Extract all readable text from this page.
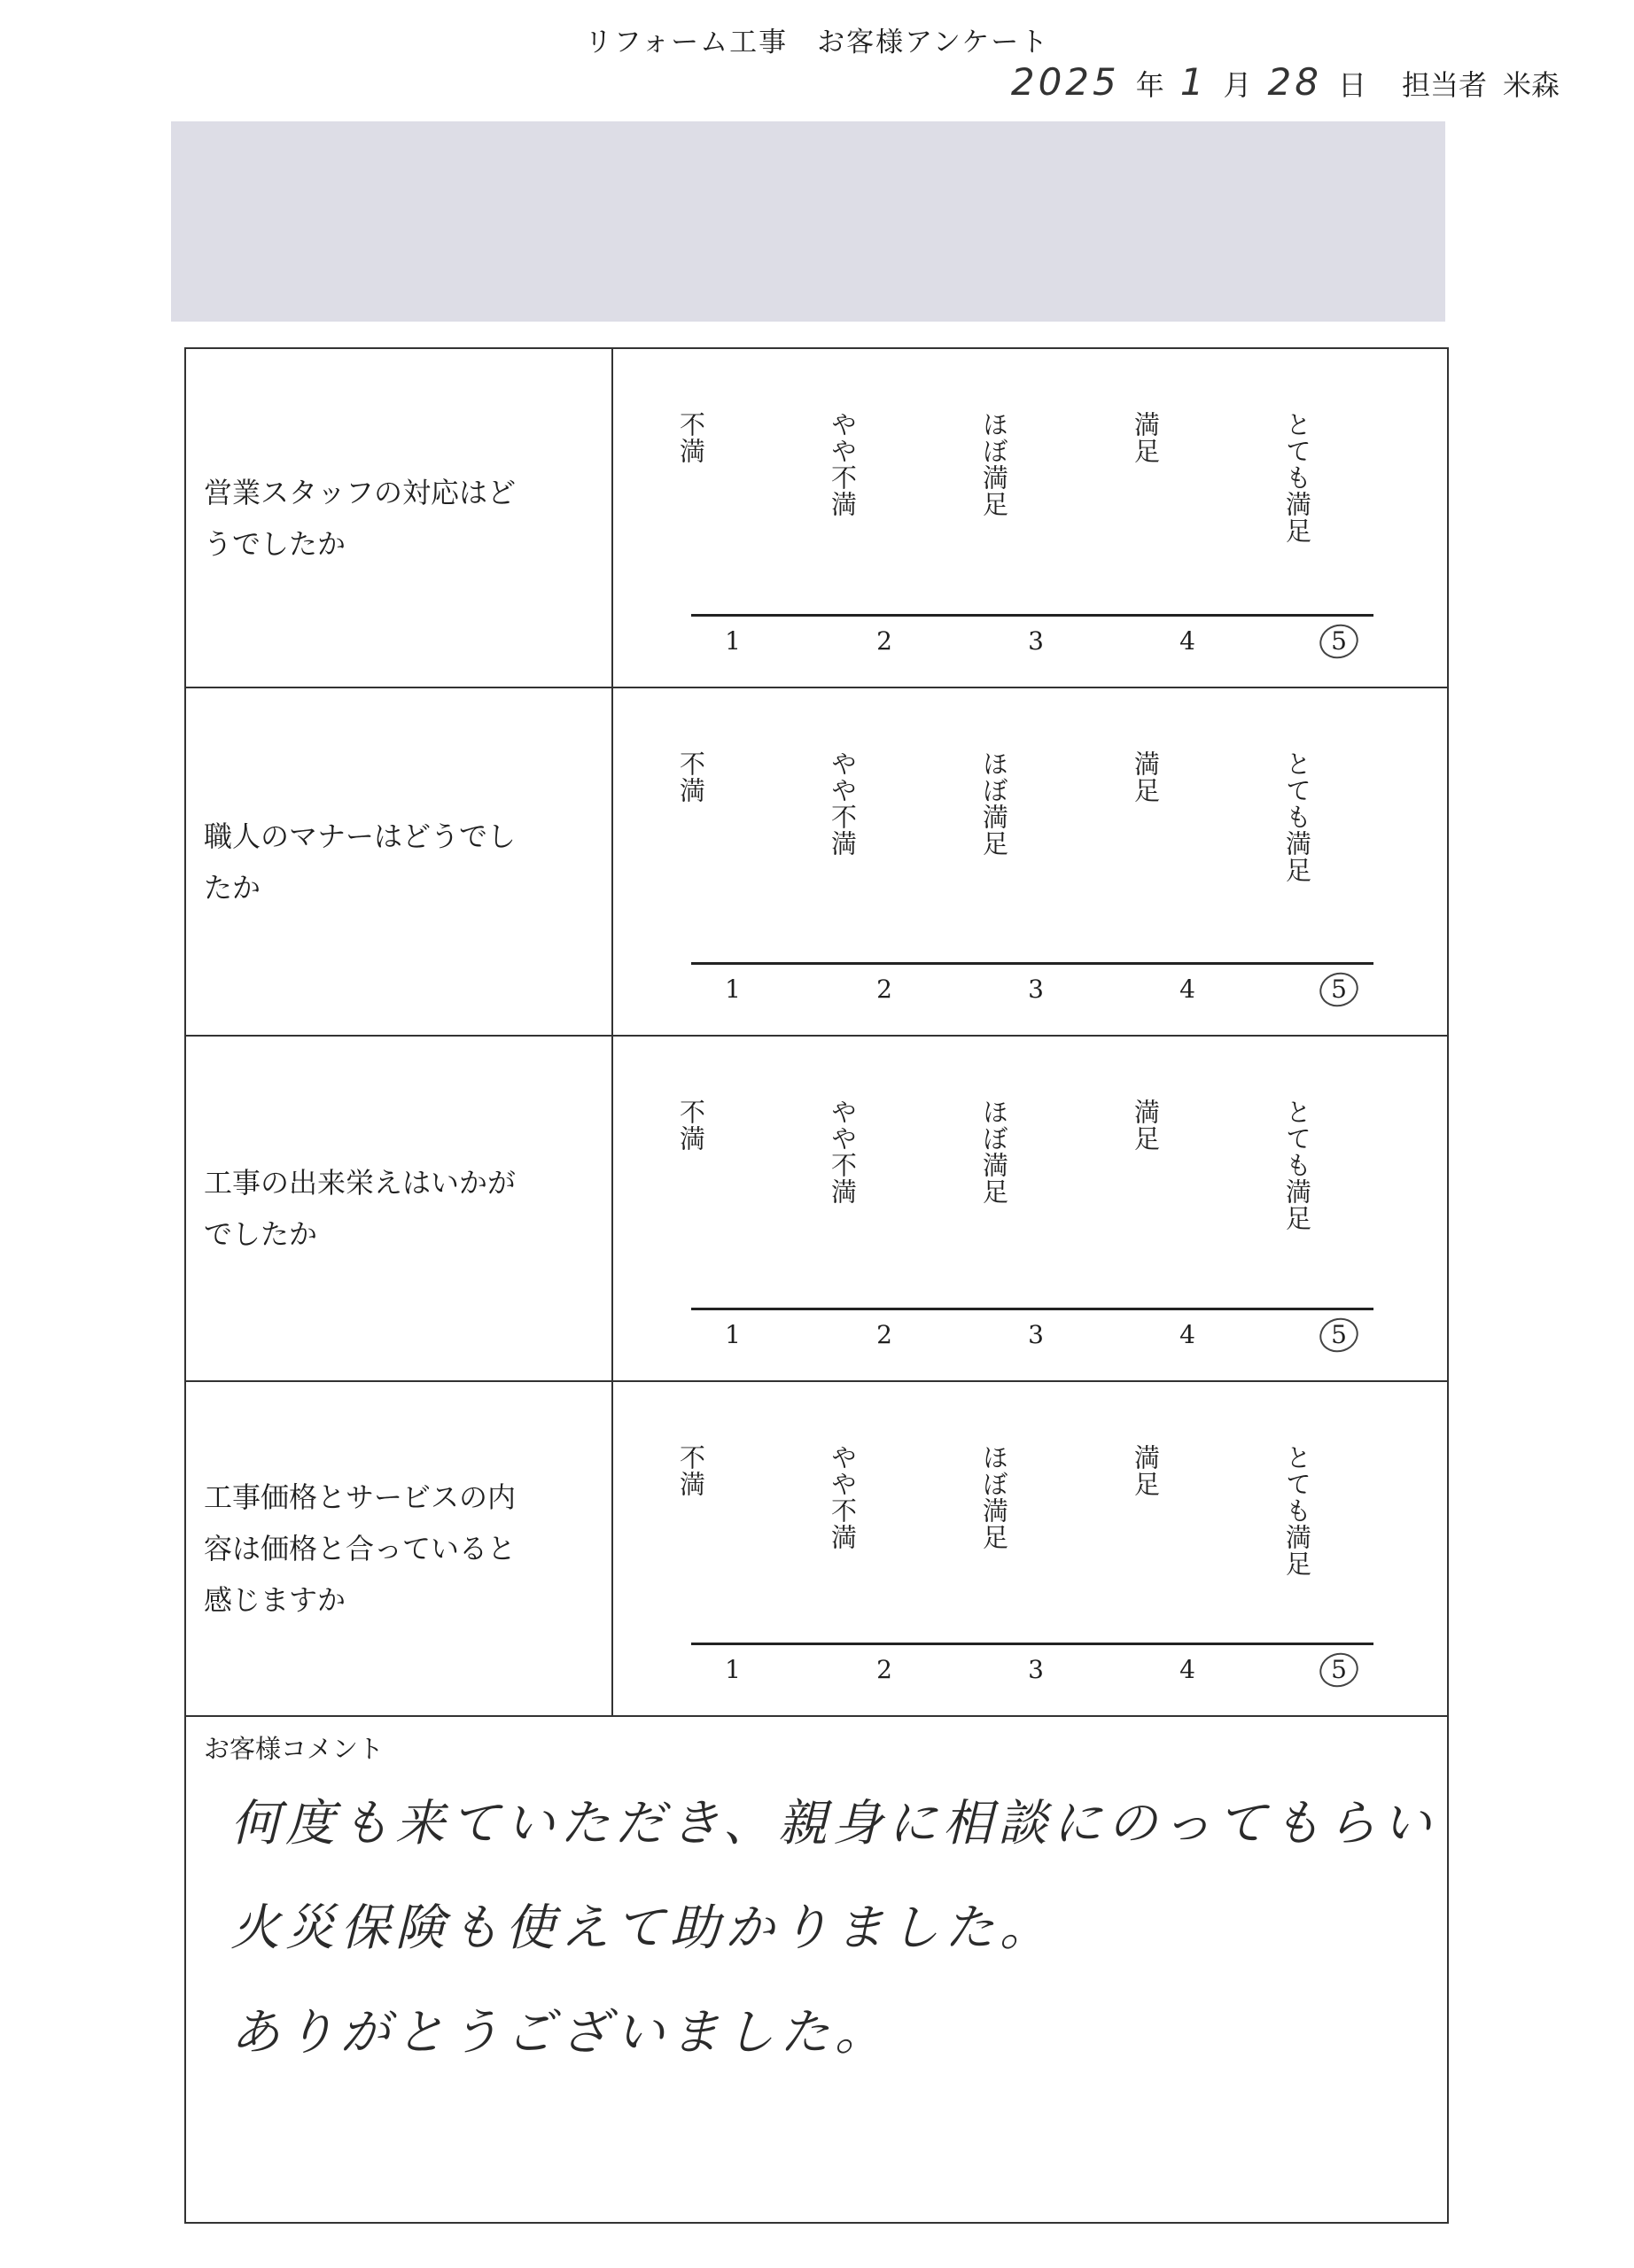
リフォーム工事　お客様アンケート
2025 年 1 月 28 日 担当者 米森
営業スタッフの対応はどうでしたか
不満	やや不満	ほぼ満足	満足	とても満足
1	2	3	4	5
職人のマナーはどうでしたか
不満	やや不満	ほぼ満足	満足	とても満足
1	2	3	4	5
工事の出来栄えはいかがでしたか
不満	やや不満	ほぼ満足	満足	とても満足
1	2	3	4	5
工事価格とサービスの内容は価格と合っていると感じますか
不満	やや不満	ほぼ満足	満足	とても満足
1	2	3	4	5
お客様コメント
何度も来ていただき、親身に相談にのってもらい
火災保険も使えて助かりました。
ありがとうございました。
